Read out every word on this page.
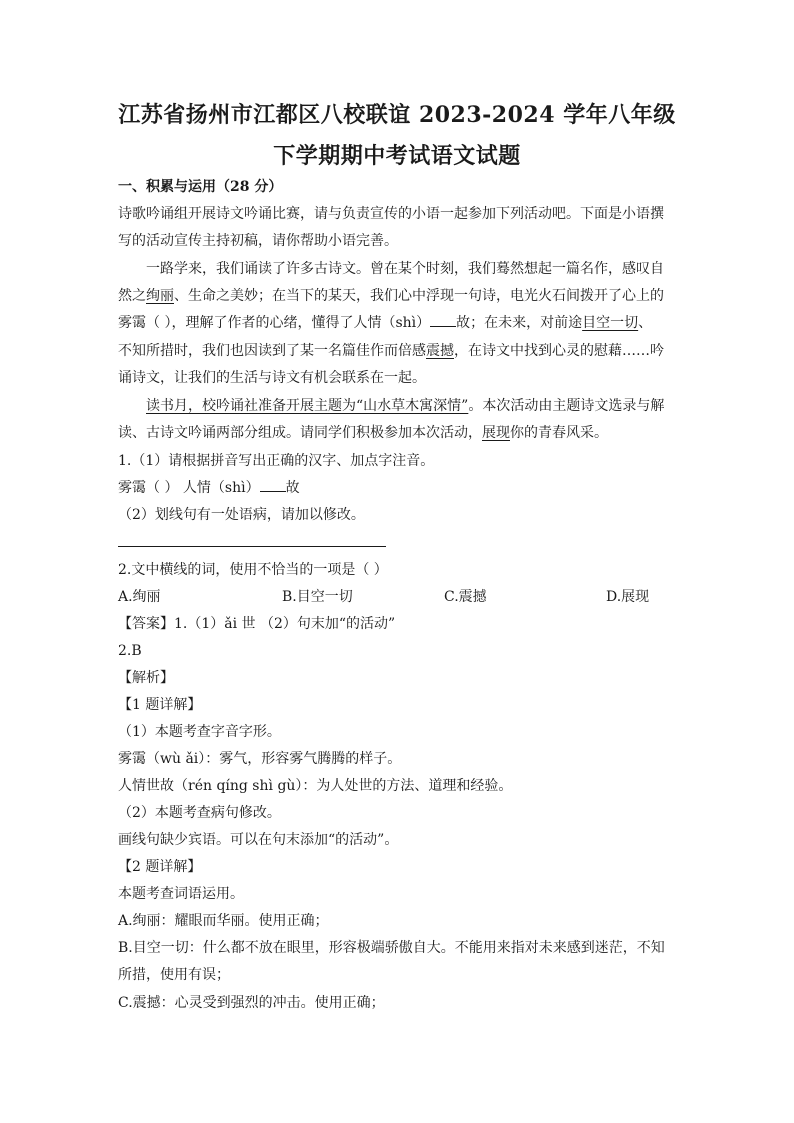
江苏省扬州市江都区八校联谊 2023-2024 学年八年级
下学期期中考试语文试题
一、积累与运用（28 分）
诗歌吟诵组开展诗文吟诵比赛，请与负责宣传的小语一起参加下列活动吧。下面是小语撰
写的活动宣传主持初稿，请你帮助小语完善。
一路学来，我们诵读了许多古诗文。曾在某个时刻，我们蓦然想起一篇名作，感叹自
然之绚丽、生命之美妙；在当下的某天，我们心中浮现一句诗，电光火石间拨开了心上的
雾霭（ ），理解了作者的心绪，懂得了人情（shì） 故；在未来，对前途目空一切、
不知所措时，我们也因读到了某一名篇佳作而倍感震撼，在诗文中找到心灵的慰藉……吟
诵诗文，让我们的生活与诗文有机会联系在一起。
读书月，校吟诵社准备开展主题为“山水草木寓深情”。本次活动由主题诗文选录与解
读、古诗文吟诵两部分组成。请同学们积极参加本次活动，展现你的青春风采。
1.（1）请根据拼音写出正确的汉字、加点字注音。
雾霭（ ） 人情（shì） 故
（2）划线句有一处语病，请加以修改。
2.文中横线的词，使用不恰当的一项是（ ）
A.绚丽	B.目空一切	C.震撼	D.展现
【答案】1.（1）ǎi 世 （2）句末加“的活动”
2.B
【解析】
【1 题详解】
（1）本题考查字音字形。
雾霭（wù ǎi）：雾气，形容雾气腾腾的样子。
人情世故（rén qíng shì gù）：为人处世的方法、道理和经验。
（2）本题考查病句修改。
画线句缺少宾语。可以在句末添加“的活动”。
【2 题详解】
本题考查词语运用。
A.绚丽：耀眼而华丽。使用正确；
B.目空一切：什么都不放在眼里，形容极端骄傲自大。不能用来指对未来感到迷茫，不知
所措，使用有误；
C.震撼：心灵受到强烈的冲击。使用正确；
